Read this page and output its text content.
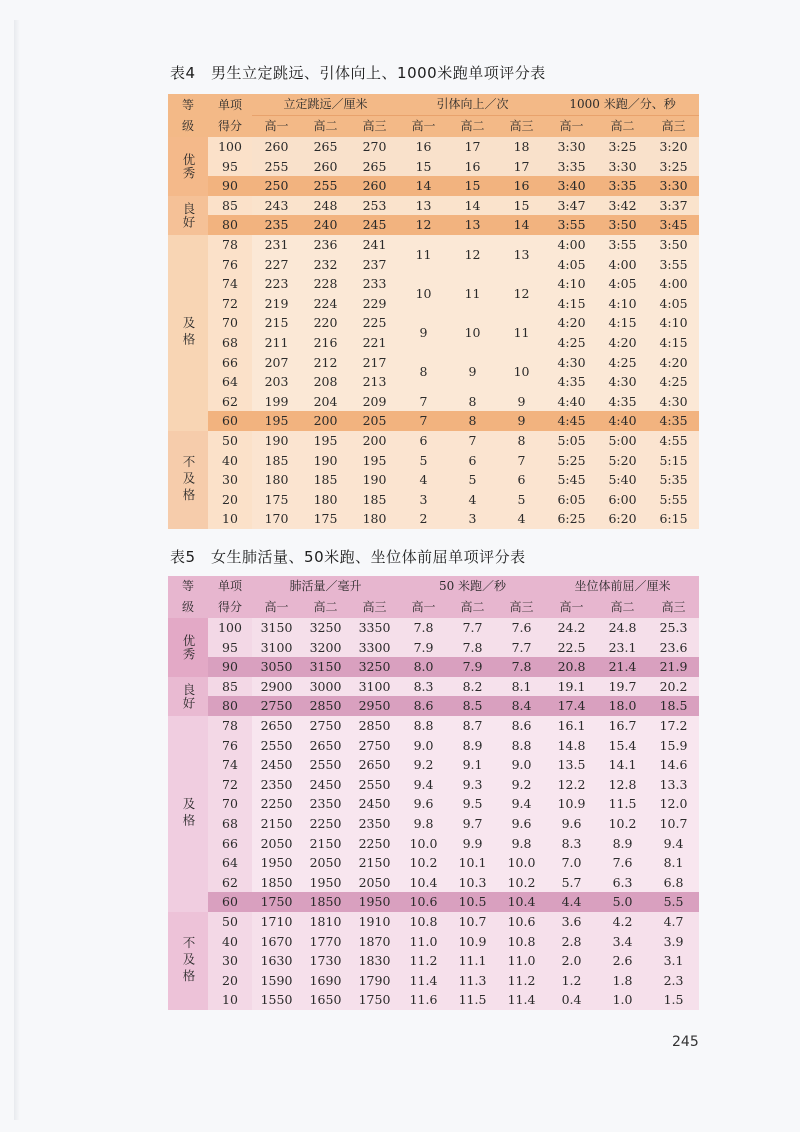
表4　男生立定跳远、引体向上、1000米跑单项评分表
等级	单项得分	立定跳远／厘米			引体向上／次			1000 米跑／分、秒		
		高一	高二	高三	高一	高二	高三	高一	高二	高三
优秀	100	260	265	270	16	17	18	3:30	3:25	3:20
	95	255	260	265	15	16	17	3:35	3:30	3:25
	90	250	255	260	14	15	16	3:40	3:35	3:30
良好	85	243	248	253	13	14	15	3:47	3:42	3:37
	80	235	240	245	12	13	14	3:55	3:50	3:45
及格	78	231	236	241	11	12	13	4:00	3:55	3:50
	76	227	232	237				4:05	4:00	3:55
	74	223	228	233	10	11	12	4:10	4:05	4:00
	72	219	224	229				4:15	4:10	4:05
	70	215	220	225	9	10	11	4:20	4:15	4:10
	68	211	216	221				4:25	4:20	4:15
	66	207	212	217	8	9	10	4:30	4:25	4:20
	64	203	208	213				4:35	4:30	4:25
	62	199	204	209	7	8	9	4:40	4:35	4:30
	60	195	200	205	7	8	9	4:45	4:40	4:35
不及格	50	190	195	200	6	7	8	5:05	5:00	4:55
	40	185	190	195	5	6	7	5:25	5:20	5:15
	30	180	185	190	4	5	6	5:45	5:40	5:35
	20	175	180	185	3	4	5	6:05	6:00	5:55
	10	170	175	180	2	3	4	6:25	6:20	6:15
表5　女生肺活量、50米跑、坐位体前屈单项评分表
等级	单项得分	肺活量／毫升			50 米跑／秒			坐位体前屈／厘米		
		高一	高二	高三	高一	高二	高三	高一	高二	高三
优秀	100	3150	3250	3350	7.8	7.7	7.6	24.2	24.8	25.3
	95	3100	3200	3300	7.9	7.8	7.7	22.5	23.1	23.6
	90	3050	3150	3250	8.0	7.9	7.8	20.8	21.4	21.9
良好	85	2900	3000	3100	8.3	8.2	8.1	19.1	19.7	20.2
	80	2750	2850	2950	8.6	8.5	8.4	17.4	18.0	18.5
及格	78	2650	2750	2850	8.8	8.7	8.6	16.1	16.7	17.2
	76	2550	2650	2750	9.0	8.9	8.8	14.8	15.4	15.9
	74	2450	2550	2650	9.2	9.1	9.0	13.5	14.1	14.6
	72	2350	2450	2550	9.4	9.3	9.2	12.2	12.8	13.3
	70	2250	2350	2450	9.6	9.5	9.4	10.9	11.5	12.0
	68	2150	2250	2350	9.8	9.7	9.6	9.6	10.2	10.7
	66	2050	2150	2250	10.0	9.9	9.8	8.3	8.9	9.4
	64	1950	2050	2150	10.2	10.1	10.0	7.0	7.6	8.1
	62	1850	1950	2050	10.4	10.3	10.2	5.7	6.3	6.8
	60	1750	1850	1950	10.6	10.5	10.4	4.4	5.0	5.5
不及格	50	1710	1810	1910	10.8	10.7	10.6	3.6	4.2	4.7
	40	1670	1770	1870	11.0	10.9	10.8	2.8	3.4	3.9
	30	1630	1730	1830	11.2	11.1	11.0	2.0	2.6	3.1
	20	1590	1690	1790	11.4	11.3	11.2	1.2	1.8	2.3
	10	1550	1650	1750	11.6	11.5	11.4	0.4	1.0	1.5
245
